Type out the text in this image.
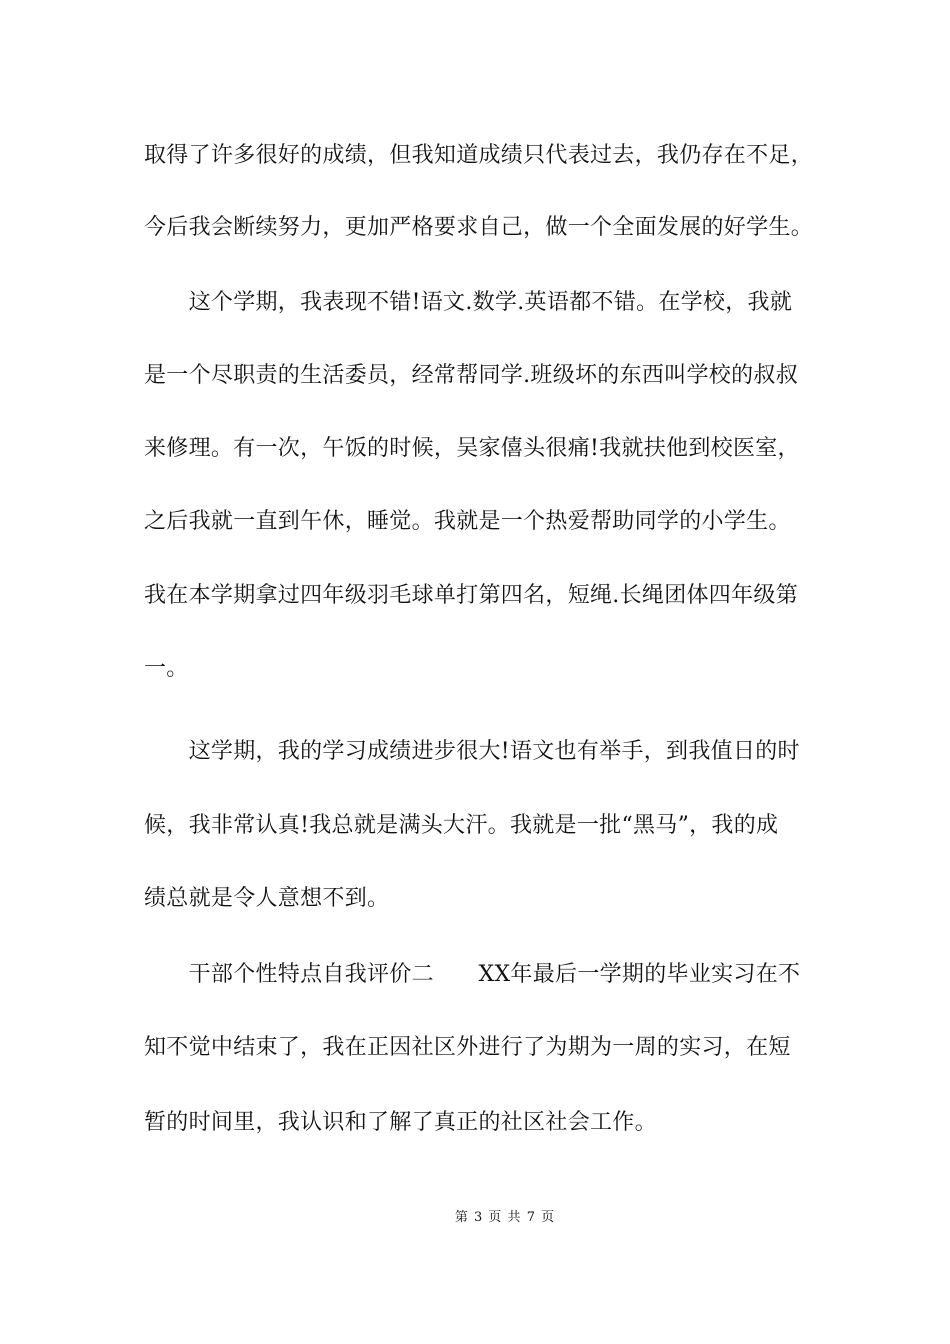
取得了许多很好的成绩，但我知道成绩只代表过去，我仍存在不足，
今后我会断续努力，更加严格要求自己，做一个全面发展的好学生。
　　这个学期，我表现不错!语文.数学.英语都不错。在学校，我就
是一个尽职责的生活委员，经常帮同学.班级坏的东西叫学校的叔叔
来修理。有一次，午饭的时候，吴家僖头很痛!我就扶他到校医室，
之后我就一直到午休，睡觉。我就是一个热爱帮助同学的小学生。
我在本学期拿过四年级羽毛球单打第四名，短绳.长绳团体四年级第
一。
　　这学期，我的学习成绩进步很大!语文也有举手，到我值日的时
候，我非常认真!我总就是满头大汗。我就是一批“黑马”，我的成
绩总就是令人意想不到。
　　干部个性特点自我评价二　　XX年最后一学期的毕业实习在不
知不觉中结束了，我在正因社区外进行了为期为一周的实习，在短
暂的时间里，我认识和了解了真正的社区社会工作。
第 3 页 共 7 页
